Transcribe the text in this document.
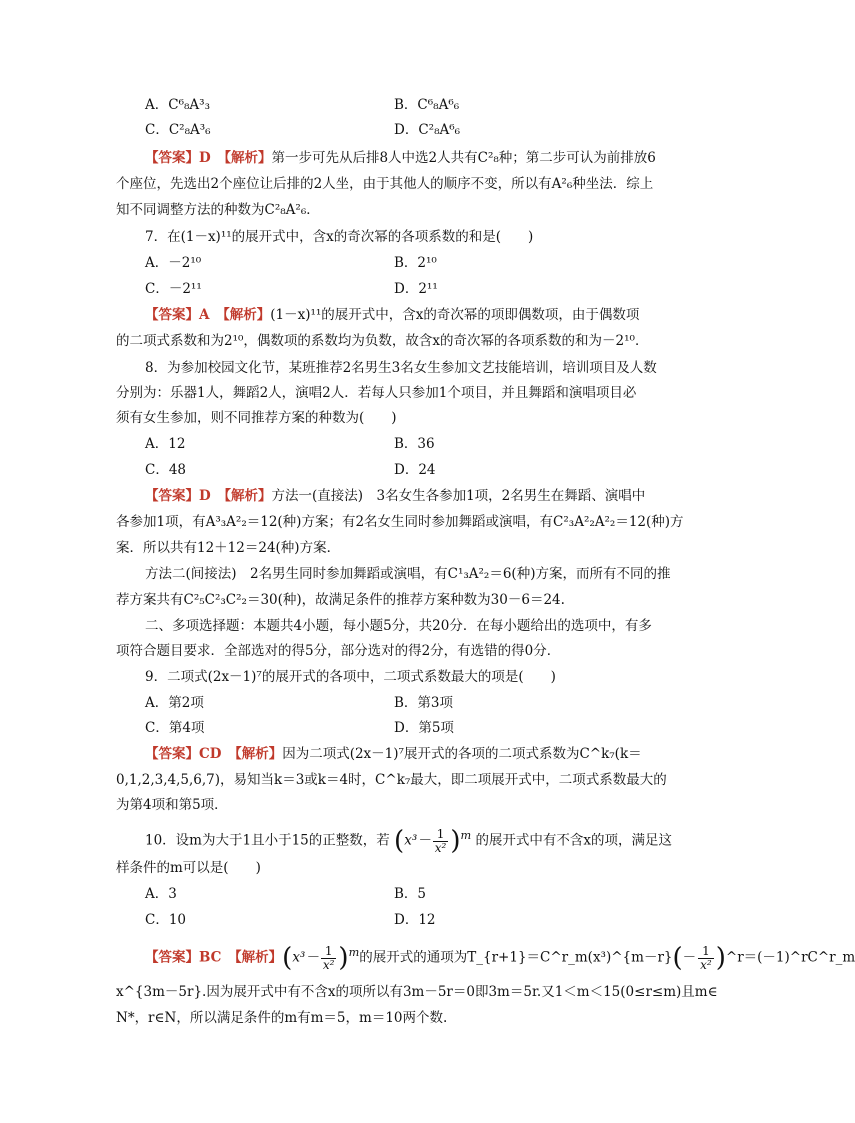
A．C⁶₈A³₃	B．C⁶₈A⁶₆
C．C²₈A³₆	D．C²₈A⁶₆
【答案】D　【解析】第一步可先从后排8人中选2人共有C²₈种；第二步可认为前排放6
个座位，先选出2个座位让后排的2人坐，由于其他人的顺序不变，所以有A²₆种坐法．综上
知不同调整方法的种数为C²₈A²₆．
7．在(1－x)¹¹的展开式中，含x的奇次幂的各项系数的和是(　　)
A．－2¹⁰	B．2¹⁰
C．－2¹¹	D．2¹¹
【答案】A　【解析】(1－x)¹¹的展开式中，含x的奇次幂的项即偶数项，由于偶数项
的二项式系数和为2¹⁰，偶数项的系数均为负数，故含x的奇次幂的各项系数的和为－2¹⁰．
8．为参加校园文化节，某班推荐2名男生3名女生参加文艺技能培训，培训项目及人数
分别为：乐器1人，舞蹈2人，演唱2人．若每人只参加1个项目，并且舞蹈和演唱项目必
须有女生参加，则不同推荐方案的种数为(　　)
A．12	B．36
C．48	D．24
【答案】D　【解析】方法一(直接法)　3名女生各参加1项，2名男生在舞蹈、演唱中
各参加1项，有A³₃A²₂＝12(种)方案；有2名女生同时参加舞蹈或演唱，有C²₃A²₂A²₂＝12(种)方
案．所以共有12＋12＝24(种)方案．
方法二(间接法)　2名男生同时参加舞蹈或演唱，有C¹₃A²₂＝6(种)方案，而所有不同的推
荐方案共有C²₅C²₃C²₂＝30(种)，故满足条件的推荐方案种数为30－6＝24.
二、多项选择题：本题共4小题，每小题5分，共20分．在每小题给出的选项中，有多
项符合题目要求．全部选对的得5分，部分选对的得2分，有选错的得0分．
9．二项式(2x－1)⁷的展开式的各项中，二项式系数最大的项是(　　)
A．第2项	B．第3项
C．第4项	D．第5项
【答案】CD　【解析】因为二项式(2x－1)⁷展开式的各项的二项式系数为C^k₇(k＝
0,1,2,3,4,5,6,7)，易知当k＝3或k＝4时，C^k₇最大，即二项展开式中，二项式系数最大的
为第4项和第5项．
10．设m为大于1且小于15的正整数，若 $(x^3- \frac{1}{\text{x²}} )^m$ 的展开式中有不含x的项，满足这
样条件的m可以是(　　)
A．3	B．5
C．10	D．12
【答案】BC　【解析】$(x^3- \frac{1}{\text{x²}} )^m$的展开式的通项为T_{r+1}＝C^r_m(x³)^{m－r}(－ $\frac{1}{\text{x²}}$ )^r＝(－1)^rC^r_m
x^{3m－5r}.因为展开式中有不含x的项所以有3m－5r＝0即3m＝5r.又1＜m＜15(0≤r≤m)且m∈
N*，r∈N，所以满足条件的m有m＝5，m＝10两个数.
